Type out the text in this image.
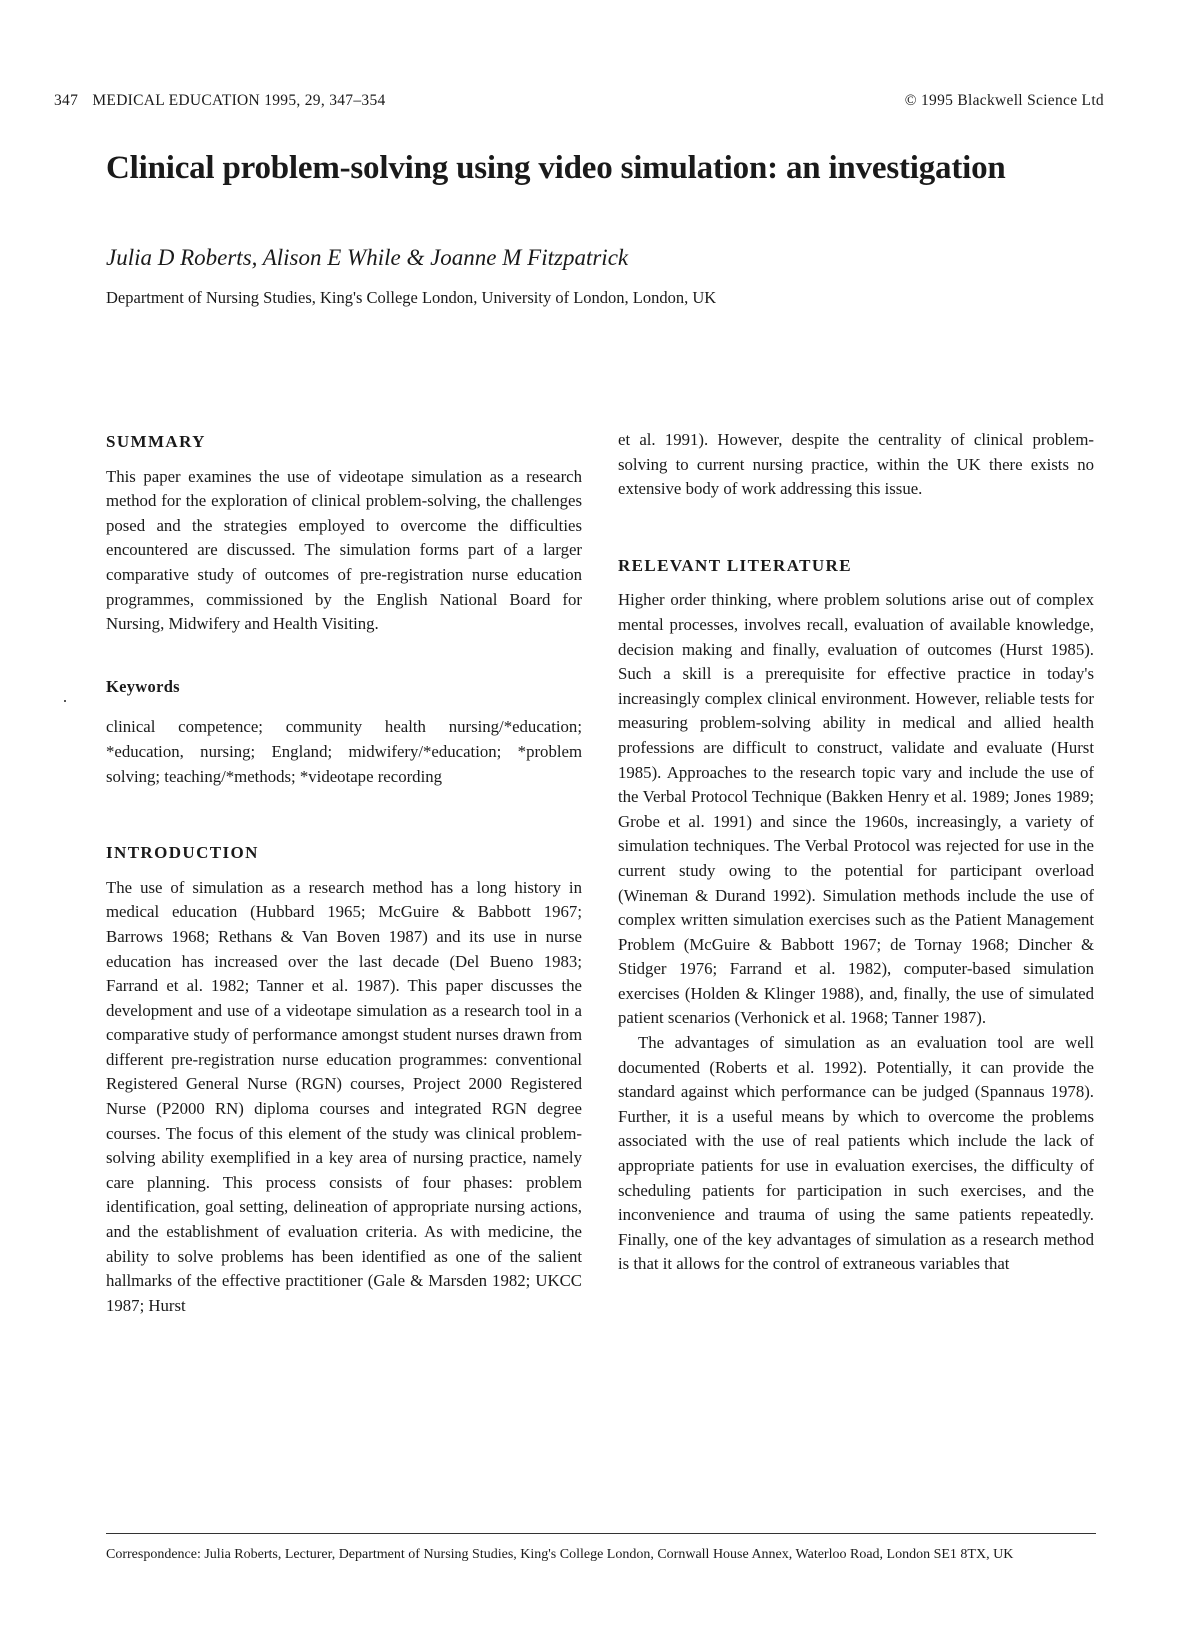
347 MEDICAL EDUCATION 1995, 29, 347–354	© 1995 Blackwell Science Ltd
Clinical problem-solving using video simulation: an investigation
Julia D Roberts, Alison E While & Joanne M Fitzpatrick
Department of Nursing Studies, King's College London, University of London, London, UK
SUMMARY

This paper examines the use of videotape simulation as a research method for the exploration of clinical problem-solving, the challenges posed and the strategies employed to overcome the difficulties encountered are discussed. The simulation forms part of a larger comparative study of outcomes of pre-registration nurse education programmes, commissioned by the English National Board for Nursing, Midwifery and Health Visiting.

Keywords

clinical competence; community health nursing/*education; *education, nursing; England; midwifery/*education; *problem solving; teaching/*methods; *videotape recording

INTRODUCTION

The use of simulation as a research method has a long history in medical education (Hubbard 1965; McGuire & Babbott 1967; Barrows 1968; Rethans & Van Boven 1987) and its use in nurse education has increased over the last decade (Del Bueno 1983; Farrand et al. 1982; Tanner et al. 1987). This paper discusses the development and use of a videotape simulation as a research tool in a comparative study of performance amongst student nurses drawn from different pre-registration nurse education programmes: conventional Registered General Nurse (RGN) courses, Project 2000 Registered Nurse (P2000 RN) diploma courses and integrated RGN degree courses. The focus of this element of the study was clinical problem-solving ability exemplified in a key area of nursing practice, namely care planning. This process consists of four phases: problem identification, goal setting, delineation of appropriate nursing actions, and the establishment of evaluation criteria. As with medicine, the ability to solve problems has been identified as one of the salient hallmarks of the effective practitioner (Gale & Marsden 1982; UKCC 1987; Hurst

et al. 1991). However, despite the centrality of clinical problem-solving to current nursing practice, within the UK there exists no extensive body of work addressing this issue.

RELEVANT LITERATURE

Higher order thinking, where problem solutions arise out of complex mental processes, involves recall, evaluation of available knowledge, decision making and finally, evaluation of outcomes (Hurst 1985). Such a skill is a prerequisite for effective practice in today's increasingly complex clinical environment. However, reliable tests for measuring problem-solving ability in medical and allied health professions are difficult to construct, validate and evaluate (Hurst 1985). Approaches to the research topic vary and include the use of the Verbal Protocol Technique (Bakken Henry et al. 1989; Jones 1989; Grobe et al. 1991) and since the 1960s, increasingly, a variety of simulation techniques. The Verbal Protocol was rejected for use in the current study owing to the potential for participant overload (Wineman & Durand 1992). Simulation methods include the use of complex written simulation exercises such as the Patient Management Problem (McGuire & Babbott 1967; de Tornay 1968; Dincher & Stidger 1976; Farrand et al. 1982), computer-based simulation exercises (Holden & Klinger 1988), and, finally, the use of simulated patient scenarios (Verhonick et al. 1968; Tanner 1987).

The advantages of simulation as an evaluation tool are well documented (Roberts et al. 1992). Potentially, it can provide the standard against which performance can be judged (Spannaus 1978). Further, it is a useful means by which to overcome the problems associated with the use of real patients which include the lack of appropriate patients for use in evaluation exercises, the difficulty of scheduling patients for participation in such exercises, and the inconvenience and trauma of using the same patients repeatedly. Finally, one of the key advantages of simulation as a research method is that it allows for the control of extraneous variables that

Correspondence: Julia Roberts, Lecturer, Department of Nursing Studies, King's College London, Cornwall House Annex, Waterloo Road, London SE1 8TX, UK
